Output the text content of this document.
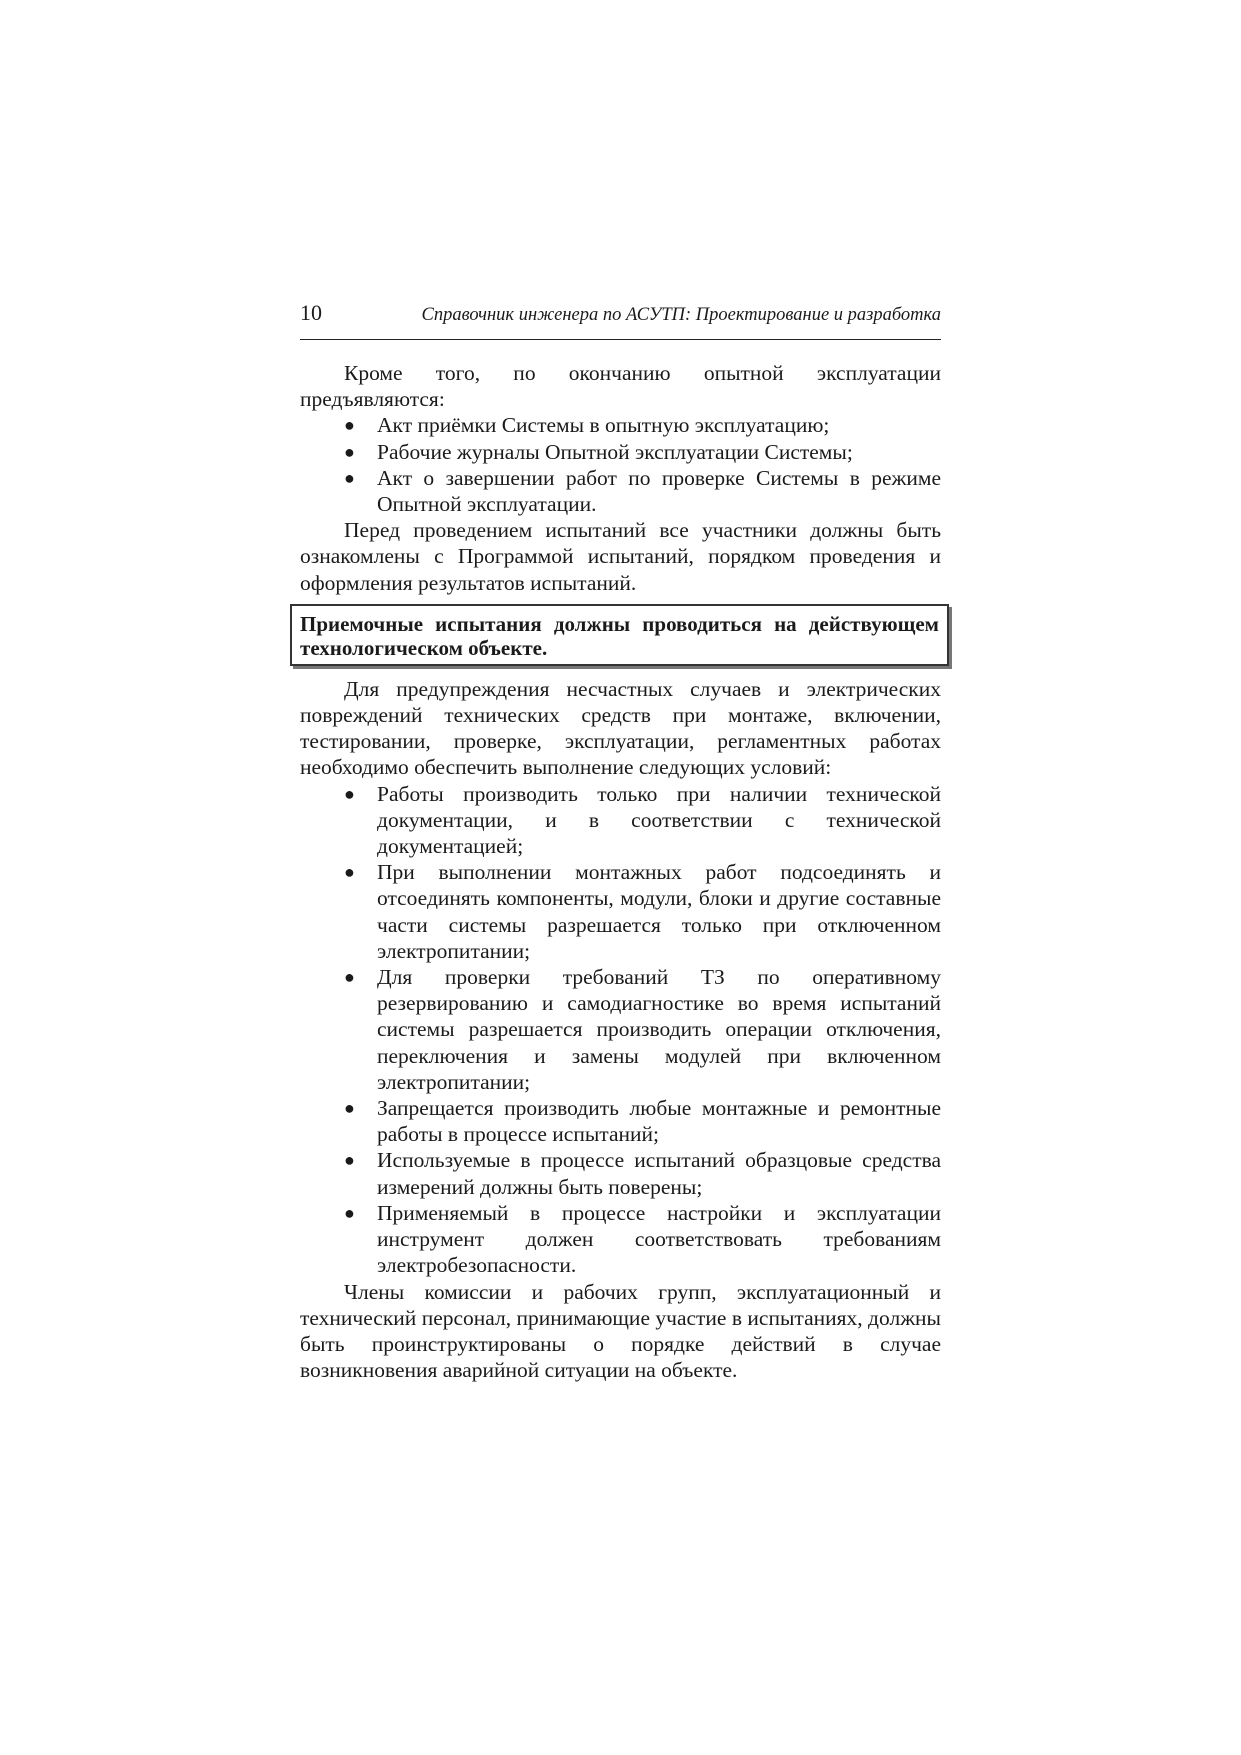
10	Справочник инженера по АСУТП: Проектирование и разработка

Кроме того, по окончанию опытной эксплуатации предъявляются:

● Акт приёмки Системы в опытную эксплуатацию;
● Рабочие журналы Опытной эксплуатации Системы;
● Акт о завершении работ по проверке Системы в режиме Опытной эксплуатации.

Перед проведением испытаний все участники должны быть ознакомлены с Программой испытаний, порядком проведения и оформления результатов испытаний.

Приемочные испытания должны проводиться на действующем технологическом объекте.

Для предупреждения несчастных случаев и электрических повреждений технических средств при монтаже, включении, тестировании, проверке, эксплуатации, регламентных работах необходимо обеспечить выполнение следующих условий:

● Работы производить только при наличии технической документации, и в соответствии с технической документацией;
● При выполнении монтажных работ подсоединять и отсоединять компоненты, модули, блоки и другие составные части системы разрешается только при отключенном электропитании;
● Для проверки требований ТЗ по оперативному резервированию и самодиагностике во время испытаний системы разрешается производить операции отключения, переключения и замены модулей при включенном электропитании;
● Запрещается производить любые монтажные и ремонтные работы в процессе испытаний;
● Используемые в процессе испытаний образцовые средства измерений должны быть поверены;
● Применяемый в процессе настройки и эксплуатации инструмент должен соответствовать требованиям электробезопасности.

Члены комиссии и рабочих групп, эксплуатационный и технический персонал, принимающие участие в испытаниях, должны быть проинструктированы о порядке действий в случае возникновения аварийной ситуации на объекте.
